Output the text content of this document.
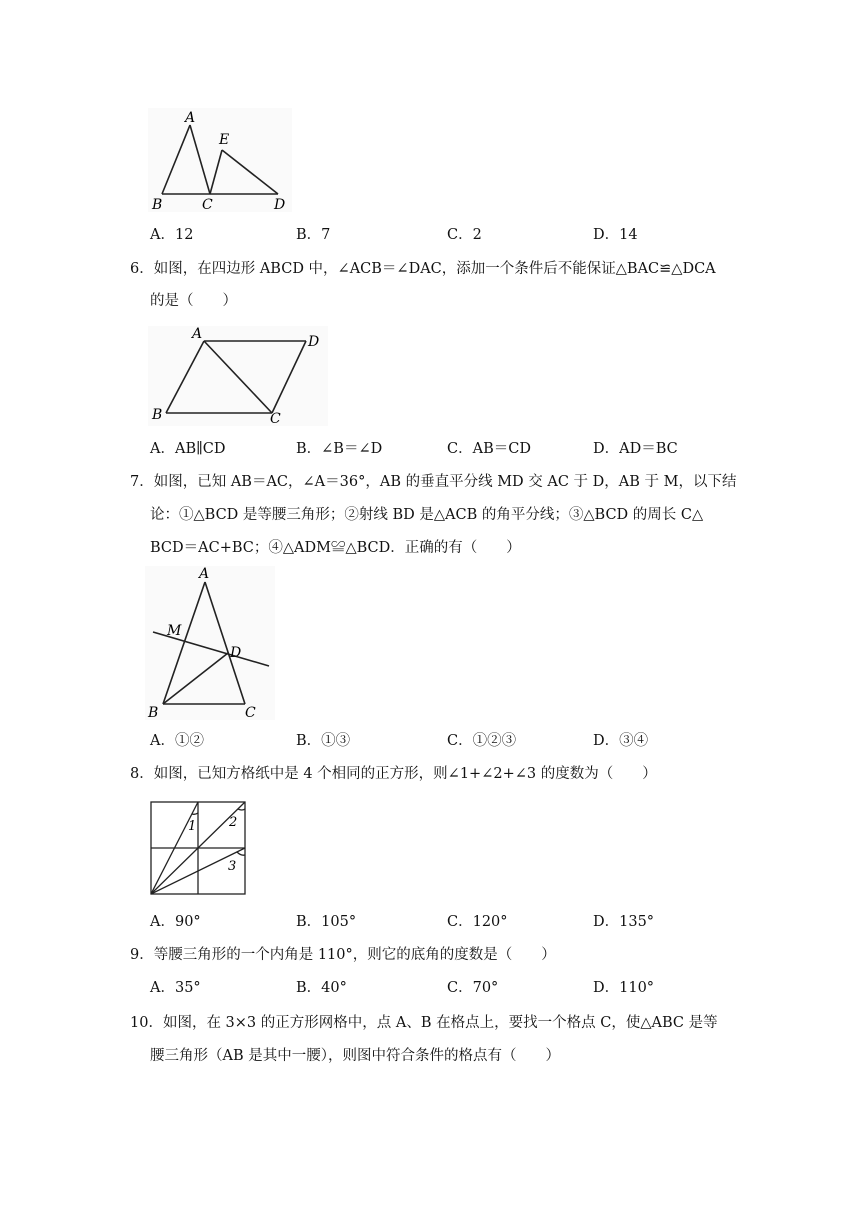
A
E
B	C	D
A．12	B．7	C．2	D．14
6．如图，在四边形 ABCD 中，∠ACB＝∠DAC，添加一个条件后不能保证△BAC≌△DCA
的是（　　）
A	D
B	C
A．AB∥CD	B．∠B＝∠D	C．AB＝CD	D．AD＝BC
7．如图，已知 AB＝AC，∠A＝36°，AB 的垂直平分线 MD 交 AC 于 D，AB 于 M，以下结
论：①△BCD 是等腰三角形；②射线 BD 是△ACB 的角平分线；③△BCD 的周长 C△
BCD＝AC+BC；④△ADM≌△BCD．正确的有（　　）
A
M
D
B	C
A．①②	B．①③	C．①②③	D．③④
8．如图，已知方格纸中是 4 个相同的正方形，则∠1+∠2+∠3 的度数为（　　）
1	2
3
A．90°	B．105°	C．120°	D．135°
9．等腰三角形的一个内角是 110°，则它的底角的度数是（　　）
A．35°	B．40°	C．70°	D．110°
10．如图，在 3×3 的正方形网格中，点 A、B 在格点上，要找一个格点 C，使△ABC 是等
腰三角形（AB 是其中一腰），则图中符合条件的格点有（　　）
